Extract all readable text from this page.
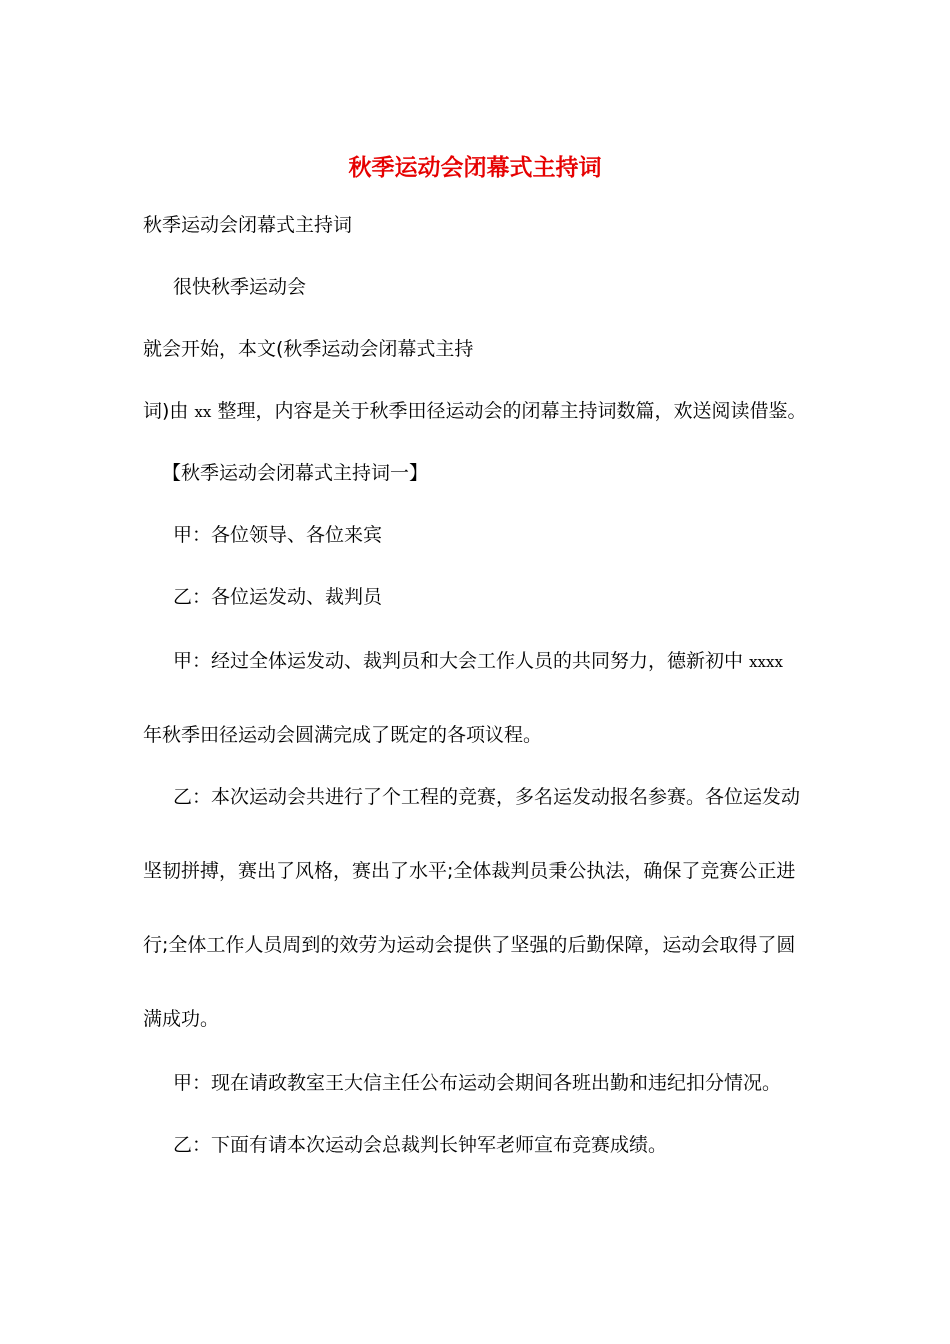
秋季运动会闭幕式主持词
秋季运动会闭幕式主持词
很快秋季运动会
就会开始，本文(秋季运动会闭幕式主持
词)由 xx 整理，内容是关于秋季田径运动会的闭幕主持词数篇，欢送阅读借鉴。
【秋季运动会闭幕式主持词一】
甲：各位领导、各位来宾
乙：各位运发动、裁判员
甲：经过全体运发动、裁判员和大会工作人员的共同努力，德新初中 xxxx
年秋季田径运动会圆满完成了既定的各项议程。
乙：本次运动会共进行了个工程的竞赛，多名运发动报名参赛。各位运发动
坚韧拼搏，赛出了风格，赛出了水平;全体裁判员秉公执法，确保了竞赛公正进
行;全体工作人员周到的效劳为运动会提供了坚强的后勤保障，运动会取得了圆
满成功。
甲：现在请政教室王大信主任公布运动会期间各班出勤和违纪扣分情况。
乙：下面有请本次运动会总裁判长钟军老师宣布竞赛成绩。
